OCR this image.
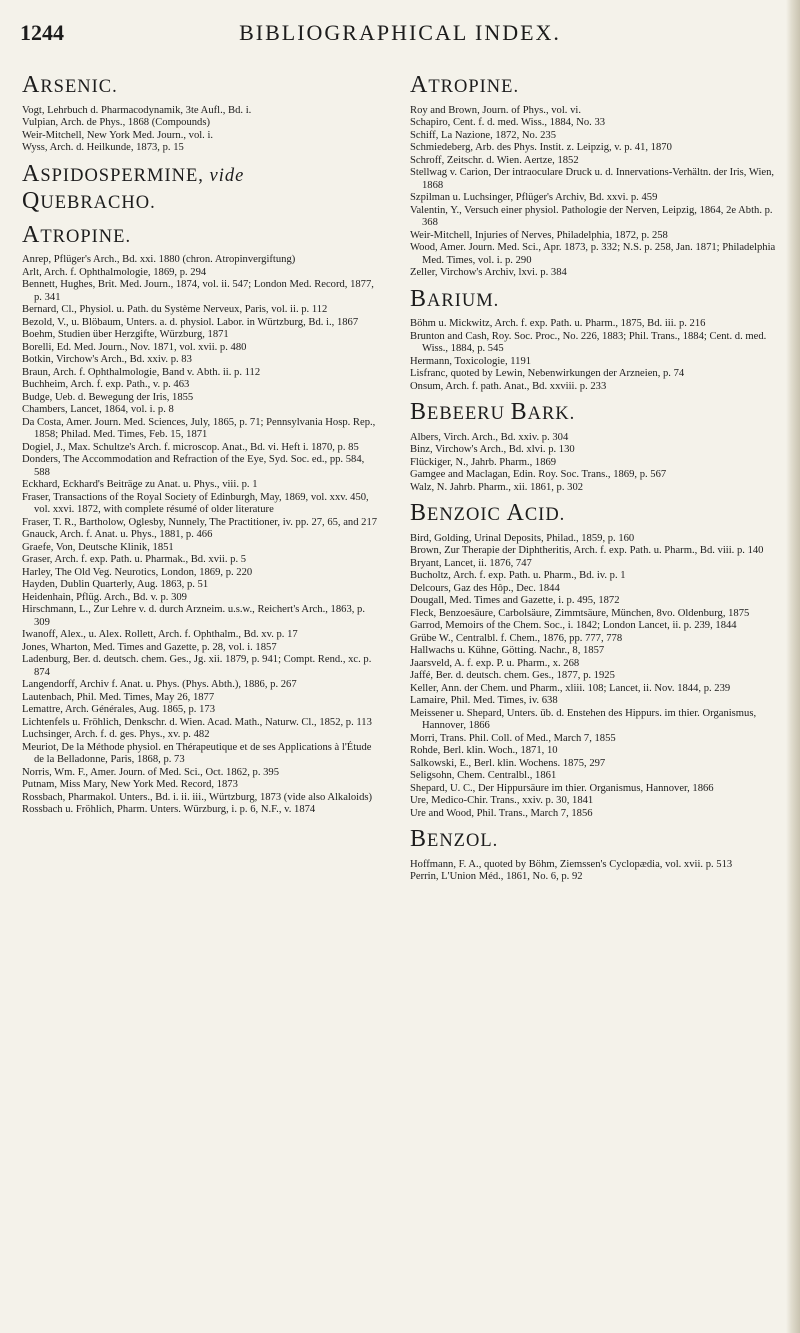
BIBLIOGRAPHICAL INDEX.
1244
ARSENIC.
Vogt, Lehrbuch d. Pharmacodynamik, 3te Aufl., Bd. i.
Vulpian, Arch. de Phys., 1868 (Compounds)
Weir-Mitchell, New York Med. Journ., vol. i.
Wyss, Arch. d. Heilkunde, 1873, p. 15
ASPIDOSPERMINE, vide QUEBRACHO.
ATROPINE.
Anrep, Pflüger's Arch., Bd. xxi. 1880 (chron. Atropinvergiftung)
Arlt, Arch. f. Ophthalmologie, 1869, p. 294
Bennett, Hughes, Brit. Med. Journ., 1874, vol. ii. 547; London Med. Record, 1877, p. 341
Bernard, Cl., Physiol. u. Path. du Système Nerveux, Paris, vol. ii. p. 112
Bezold, V., u. Blöbaum, Unters. a. d. physiol. Labor. in Würtzburg, Bd. i., 1867
Boehm, Studien über Herzgifte, Würzburg, 1871
Borelli, Ed. Med. Journ., Nov. 1871, vol. xvii. p. 480
Botkin, Virchow's Arch., Bd. xxiv. p. 83
Braun, Arch. f. Ophthalmologie, Band v. Abth. ii. p. 112
Buchheim, Arch. f. exp. Path., v. p. 463
Budge, Ueb. d. Bewegung der Iris, 1855
Chambers, Lancet, 1864, vol. i. p. 8
Da Costa, Amer. Journ. Med. Sciences, July, 1865, p. 71; Pennsylvania Hosp. Rep., 1858; Philad. Med. Times, Feb. 15, 1871
Dogiel, J., Max. Schultze's Arch. f. microscop. Anat., Bd. vi. Heft i. 1870, p. 85
Donders, The Accommodation and Refraction of the Eye, Syd. Soc. ed., pp. 584, 588
Eckhard, Eckhard's Beiträge zu Anat. u. Phys., viii. p. 1
Fraser, Transactions of the Royal Society of Edinburgh, May, 1869, vol. xxv. 450, vol. xxvi. 1872, with complete résumé of older literature
Fraser, T. R., Bartholow, Oglesby, Nunnely, The Practitioner, iv. pp. 27, 65, and 217
Gnauck, Arch. f. Anat. u. Phys., 1881, p. 466
Graefe, Von, Deutsche Klinik, 1851
Graser, Arch. f. exp. Path. u. Pharmak., Bd. xvii. p. 5
Harley, The Old Veg. Neurotics, London, 1869, p. 220
Hayden, Dublin Quarterly, Aug. 1863, p. 51
Heidenhain, Pflüg. Arch., Bd. v. p. 309
Hirschmann, L., Zur Lehre v. d. durch Arzneim. u.s.w., Reichert's Arch., 1863, p. 309
Iwanoff, Alex., u. Alex. Rollett, Arch. f. Ophthalm., Bd. xv. p. 17
Jones, Wharton, Med. Times and Gazette, p. 28, vol. i. 1857
Ladenburg, Ber. d. deutsch. chem. Ges., Jg. xii. 1879, p. 941; Compt. Rend., xc. p. 874
Langendorff, Archiv f. Anat. u. Phys. (Phys. Abth.), 1886, p. 267
Lautenbach, Phil. Med. Times, May 26, 1877
Lemattre, Arch. Générales, Aug. 1865, p. 173
Lichtenfels u. Fröhlich, Denkschr. d. Wien. Acad. Math., Naturw. Cl., 1852, p. 113
Luchsinger, Arch. f. d. ges. Phys., xv. p. 482
Meuriot, De la Méthode physiol. en Thérapeutique et de ses Applications à l'Étude de la Belladonne, Paris, 1868, p. 73
Norris, Wm. F., Amer. Journ. of Med. Sci., Oct. 1862, p. 395
Putnam, Miss Mary, New York Med. Record, 1873
Rossbach, Pharmakol. Unters., Bd. i. ii. iii., Würtzburg, 1873 (vide also Alkaloids)
Rossbach u. Fröhlich, Pharm. Unters. Würzburg, i. p. 6, N.F., v. 1874
ATROPINE.
Roy and Brown, Journ. of Phys., vol. vi.
Schapiro, Cent. f. d. med. Wiss., 1884, No. 33
Schiff, La Nazione, 1872, No. 235
Schmiedeberg, Arb. des Phys. Instit. z. Leipzig, v. p. 41, 1870
Schroff, Zeitschr. d. Wien. Aertze, 1852
Stellwag v. Carion, Der intraoculare Druck u. d. Innervations-Verhältn. der Iris, Wien, 1868
Szpilman u. Luchsinger, Pflüger's Archiv, Bd. xxvi. p. 459
Valentin, Y., Versuch einer physiol. Pathologie der Nerven, Leipzig, 1864, 2e Abth. p. 368
Weir-Mitchell, Injuries of Nerves, Philadelphia, 1872, p. 258
Wood, Amer. Journ. Med. Sci., Apr. 1873, p. 332; N.S. p. 258, Jan. 1871; Philadelphia Med. Times, vol. i. p. 290
Zeller, Virchow's Archiv, lxvi. p. 384
BARIUM.
Böhm u. Mickwitz, Arch. f. exp. Path. u. Pharm., 1875, Bd. iii. p. 216
Brunton and Cash, Roy. Soc. Proc., No. 226, 1883; Phil. Trans., 1884; Cent. d. med. Wiss., 1884, p. 545
Hermann, Toxicologie, 1191
Lisfranc, quoted by Lewin, Nebenwirkungen der Arzneien, p. 74
Onsum, Arch. f. path. Anat., Bd. xxviii. p. 233
BEBEERU BARK.
Albers, Virch. Arch., Bd. xxiv. p. 304
Binz, Virchow's Arch., Bd. xlvi. p. 130
Flückiger, N., Jahrb. Pharm., 1869
Gamgee and Maclagan, Edin. Roy. Soc. Trans., 1869, p. 567
Walz, N. Jahrb. Pharm., xii. 1861, p. 302
BENZOIC ACID.
Bird, Golding, Urinal Deposits, Philad., 1859, p. 160
Brown, Zur Therapie der Diphtheritis, Arch. f. exp. Path. u. Pharm., Bd. viii. p. 140
Bryant, Lancet, ii. 1876, 747
Bucholtz, Arch. f. exp. Path. u. Pharm., Bd. iv. p. 1
Delcours, Gaz des Hôp., Dec. 1844
Dougall, Med. Times and Gazette, i. p. 495, 1872
Fleck, Benzoesäure, Carbolsäure, Zimmtsäure, München, 8vo. Oldenburg, 1875
Garrod, Memoirs of the Chem. Soc., i. 1842; London Lancet, ii. p. 239, 1844
Grübe W., Centralbl. f. Chem., 1876, pp. 777, 778
Hallwachs u. Kühne, Götting. Nachr., 8, 1857
Jaarsveld, A. f. exp. P. u. Pharm., x. 268
Jaffé, Ber. d. deutsch. chem. Ges., 1877, p. 1925
Keller, Ann. der Chem. und Pharm., xliii. 108; Lancet, ii. Nov. 1844, p. 239
Lamaire, Phil. Med. Times, iv. 638
Meissener u. Shepard, Unters. üb. d. Enstehen des Hippurs. im thier. Organismus, Hannover, 1866
Morri, Trans. Phil. Coll. of Med., March 7, 1855
Rohde, Berl. klin. Woch., 1871, 10
Salkowski, E., Berl. klin. Wochens. 1875, 297
Seligsohn, Chem. Centralbl., 1861
Shepard, U. C., Der Hippursäure im thier. Organismus, Hannover, 1866
Ure, Medico-Chir. Trans., xxiv. p. 30, 1841
Ure and Wood, Phil. Trans., March 7, 1856
BENZOL.
Hoffmann, F. A., quoted by Böhm, Ziemssen's Cyclopædia, vol. xvii. p. 513
Perrin, L'Union Méd., 1861, No. 6, p. 92
